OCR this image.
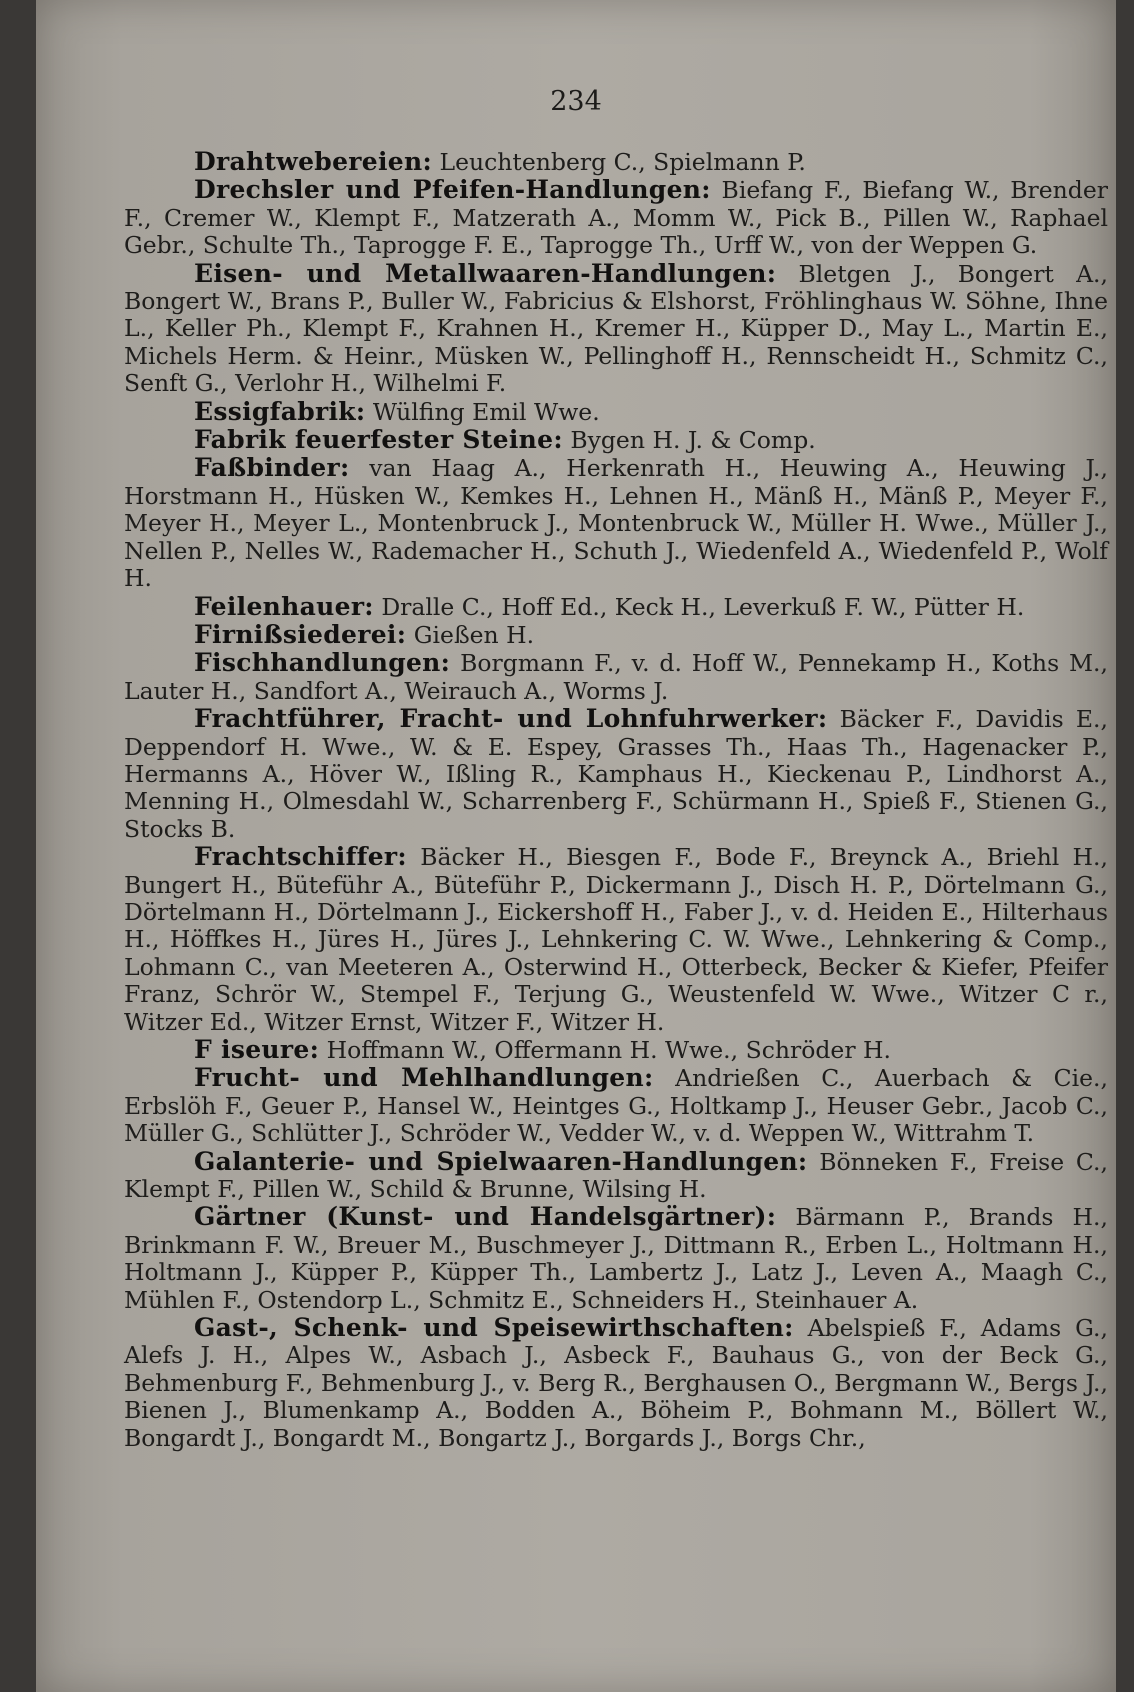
234

Drahtwebereien: Leuchtenberg C., Spielmann P.

Drechsler und Pfeifen-Handlungen: Biefang F., Biefang W., Brender F., Cremer W., Klempt F., Matzerath A., Momm W., Pick B., Pillen W., Raphael Gebr., Schulte Th., Taprogge F. E., Taprogge Th., Urff W., von der Weppen G.

Eisen- und Metallwaaren-Handlungen: Bletgen J., Bongert A., Bongert W., Brans P., Buller W., Fabricius & Elshorst, Fröhlinghaus W. Söhne, Ihne L., Keller Ph., Klempt F., Krahnen H., Kremer H., Küpper D., May L., Martin E., Michels Herm. & Heinr., Müsken W., Pellinghoff H., Rennscheidt H., Schmitz C., Senft G., Verlohr H., Wilhelmi F.

Essigfabrik: Wülfing Emil Wwe.

Fabrik feuerfester Steine: Bygen H. J. & Comp.

Faßbinder: van Haag A., Herkenrath H., Heuwing A., Heuwing J., Horstmann H., Hüsken W., Kemkes H., Lehnen H., Mänß H., Mänß P., Meyer F., Meyer H., Meyer L., Montenbruck J., Montenbruck W., Müller H. Wwe., Müller J., Nellen P., Nelles W., Rademacher H., Schuth J., Wiedenfeld A., Wiedenfeld P., Wolf H.

Feilenhauer: Dralle C., Hoff Ed., Keck H., Leverkuß F. W., Pütter H.

Firnißsiederei: Gießen H.

Fischhandlungen: Borgmann F., v. d. Hoff W., Pennekamp H., Koths M., Lauter H., Sandfort A., Weirauch A., Worms J.

Frachtführer, Fracht- und Lohnfuhrwerker: Bäcker F., Davidis E., Deppendorf H. Wwe., W. & E. Espey, Grasses Th., Haas Th., Hagenacker P., Hermanns A., Höver W., Ißling R., Kamphaus H., Kieckenau P., Lindhorst A., Menning H., Olmesdahl W., Scharrenberg F., Schürmann H., Spieß F., Stienen G., Stocks B.

Frachtschiffer: Bäcker H., Biesgen F., Bode F., Breynck A., Briehl H., Bungert H., Büteführ A., Büteführ P., Dickermann J., Disch H. P., Dörtelmann G., Dörtelmann H., Dörtelmann J., Eickershoff H., Faber J., v. d. Heiden E., Hilterhaus H., Höffkes H., Jüres H., Jüres J., Lehnkering C. W. Wwe., Lehnkering & Comp., Lohmann C., van Meeteren A., Osterwind H., Otterbeck, Becker & Kiefer, Pfeifer Franz, Schrör W., Stempel F., Terjung G., Weustenfeld W. Wwe., Witzer C r., Witzer Ed., Witzer Ernst, Witzer F., Witzer H.

F iseure: Hoffmann W., Offermann H. Wwe., Schröder H.

Frucht- und Mehlhandlungen: Andrießen C., Auerbach & Cie., Erbslöh F., Geuer P., Hansel W., Heintges G., Holtkamp J., Heuser Gebr., Jacob C., Müller G., Schlütter J., Schröder W., Vedder W., v. d. Weppen W., Wittrahm T.

Galanterie- und Spielwaaren-Handlungen: Bönneken F., Freise C., Klempt F., Pillen W., Schild & Brunne, Wilsing H.

Gärtner (Kunst- und Handelsgärtner): Bärmann P., Brands H., Brinkmann F. W., Breuer M., Buschmeyer J., Dittmann R., Erben L., Holtmann H., Holtmann J., Küpper P., Küpper Th., Lambertz J., Latz J., Leven A., Maagh C., Mühlen F., Ostendorp L., Schmitz E., Schneiders H., Steinhauer A.

Gast-, Schenk- und Speisewirthschaften: Abelspieß F., Adams G., Alefs J. H., Alpes W., Asbach J., Asbeck F., Bauhaus G., von der Beck G., Behmenburg F., Behmenburg J., v. Berg R., Berghausen O., Bergmann W., Bergs J., Bienen J., Blumenkamp A., Bodden A., Böheim P., Bohmann M., Böllert W., Bongardt J., Bongardt M., Bongartz J., Borgards J., Borgs Chr.,
